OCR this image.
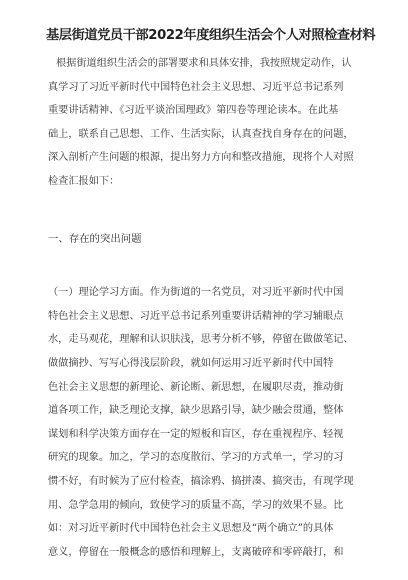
基层街道党员干部2022年度组织生活会个人对照检查材料
根据街道组织生活会的部署要求和具体安排，我按照规定动作，认
真学习了习近平新时代中国特色社会主义思想、习近平总书记系列
重要讲话精神、《习近平谈治国理政》第四卷等理论读本。在此基
础上，联系自己思想、工作、生活实际，认真查找自身存在的问题，
深入剖析产生问题的根源，提出努力方向和整改措施，现将个人对照
检查汇报如下：
一、存在的突出问题
（一）理论学习方面。作为街道的一名党员，对习近平新时代中国
特色社会主义思想、习近平总书记系列重要讲话精神的学习辅眼点
水，走马观花，理解和认识肤浅，思考分析不够，停留在做做笔记、
做做摘抄、写写心得浅层阶段，就如何运用习近平新时代中国特
色社会主义思想的新理论、新论断、新思想，在履职尽责，推动街
道各项工作，缺乏理论支撑，缺少思路引导，缺少融会贯通，整体
谋划和科学决策方面存在一定的短板和盲区，存在重视程序、轻视
研究的现象。加之，学习的态度散衍、学习的方式单一，学习的习
惯不好，有时候为了应付检查，搞涂鸦、搞拼凑、搞突击，有现学现
用、急学急用的倾向，致使学习的质量不高，学习的效果不显。比
如：对习近平新时代中国特色社会主义思想及“两个确立”的具体
意义，停留在一般概念的感悟和理解上，支离破碎和零碎敲打，和
